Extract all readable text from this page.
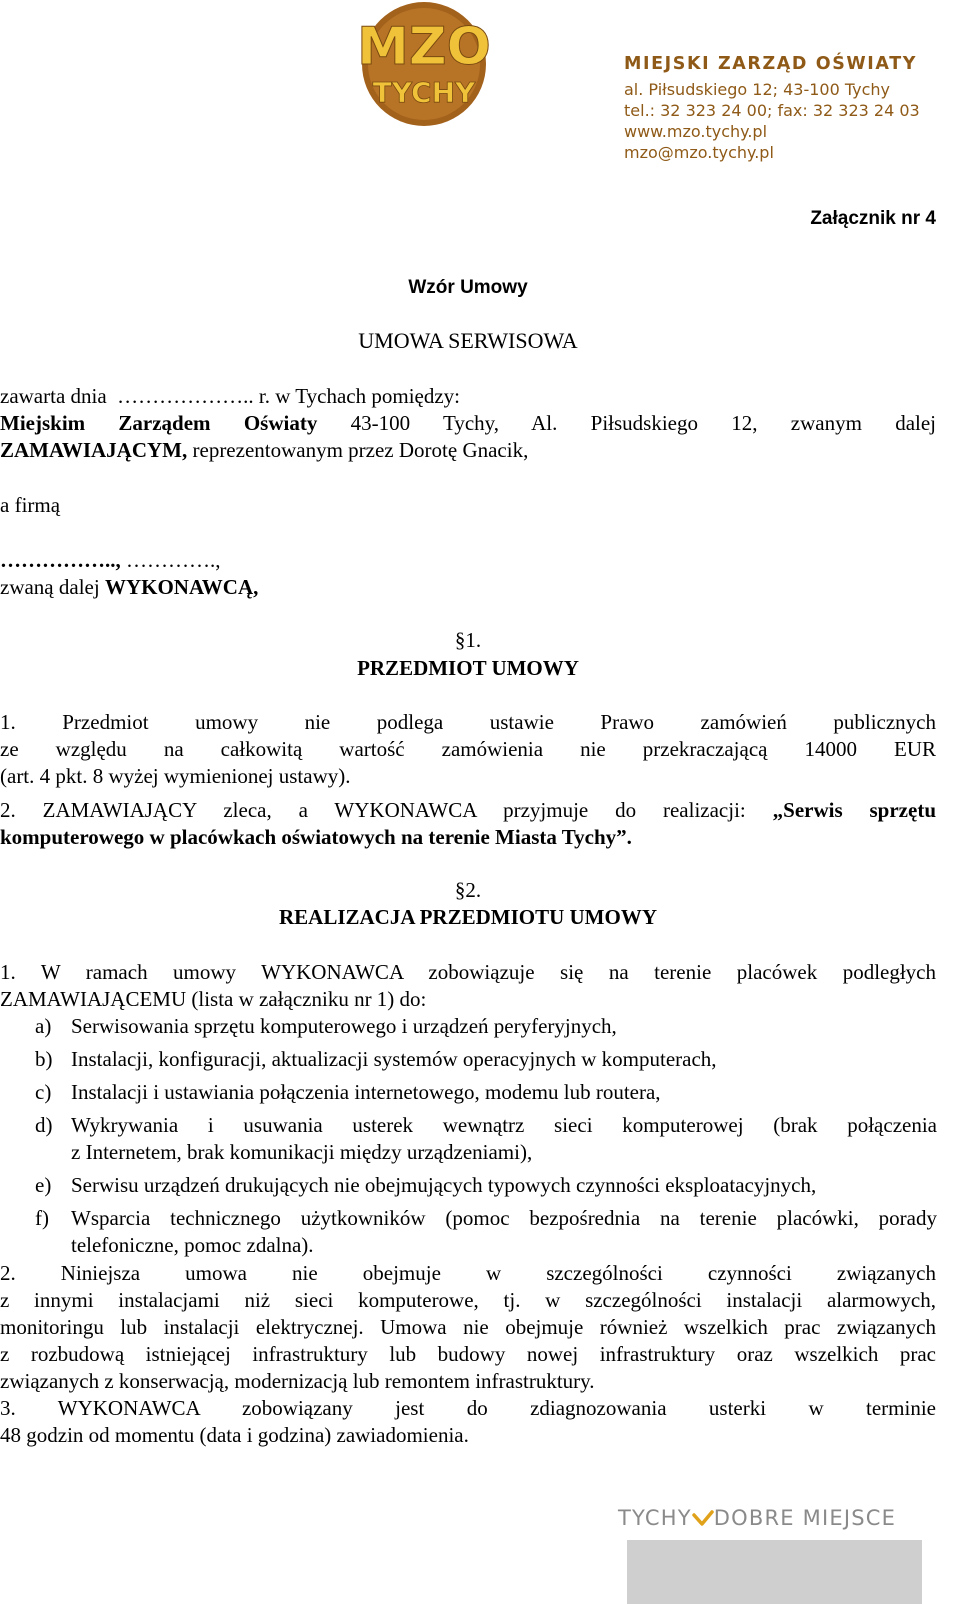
MZO
TYCHY
MIEJSKI ZARZĄD OŚWIATY
al. Piłsudskiego 12; 43-100 Tychy
tel.: 32 323 24 00; fax: 32 323 24 03
www.mzo.tychy.pl
mzo@mzo.tychy.pl
Załącznik nr 4
Wzór Umowy
UMOWA SERWISOWA
zawarta dnia  ……………….. r. w Tychach pomiędzy:
Miejskim Zarządem Oświaty 43-100 Tychy, Al. Piłsudskiego 12, zwanym dalej
ZAMAWIAJĄCYM, reprezentowanym przez Dorotę Gnacik,
a firmą
…………….., ………….,
zwaną dalej WYKONAWCĄ,
§1.
PRZEDMIOT UMOWY
1. Przedmiot umowy nie podlega ustawie Prawo zamówień publicznych
ze względu na całkowitą wartość zamówienia nie przekraczającą 14000 EUR
(art. 4 pkt. 8 wyżej wymienionej ustawy).
2. ZAMAWIAJĄCY zleca, a WYKONAWCA przyjmuje do realizacji: „Serwis sprzętu
komputerowego w placówkach oświatowych na terenie Miasta Tychy”.
§2.
REALIZACJA PRZEDMIOTU UMOWY
1. W ramach umowy WYKONAWCA zobowiązuje się na terenie placówek podległych
ZAMAWIAJĄCEMU (lista w załączniku nr 1) do:
a) Serwisowania sprzętu komputerowego i urządzeń peryferyjnych,
b) Instalacji, konfiguracji, aktualizacji systemów operacyjnych w komputerach,
c) Instalacji i ustawiania połączenia internetowego, modemu lub routera,
d) Wykrywania i usuwania usterek wewnątrz sieci komputerowej (brak połączenia
z Internetem, brak komunikacji między urządzeniami),
e) Serwisu urządzeń drukujących nie obejmujących typowych czynności eksploatacyjnych,
f) Wsparcia technicznego użytkowników (pomoc bezpośrednia na terenie placówki, porady
telefoniczne, pomoc zdalna).
2. Niniejsza umowa nie obejmuje w szczególności czynności związanych
z innymi instalacjami niż sieci komputerowe, tj. w szczególności instalacji alarmowych,
monitoringu lub instalacji elektrycznej. Umowa nie obejmuje również wszelkich prac związanych
z rozbudową istniejącej infrastruktury lub budowy nowej infrastruktury oraz wszelkich prac
związanych z konserwacją, modernizacją lub remontem infrastruktury.
3. WYKONAWCA zobowiązany jest do zdiagnozowania usterki w terminie
48 godzin od momentu (data i godzina) zawiadomienia.
TYCHY DOBRE MIEJSCE
